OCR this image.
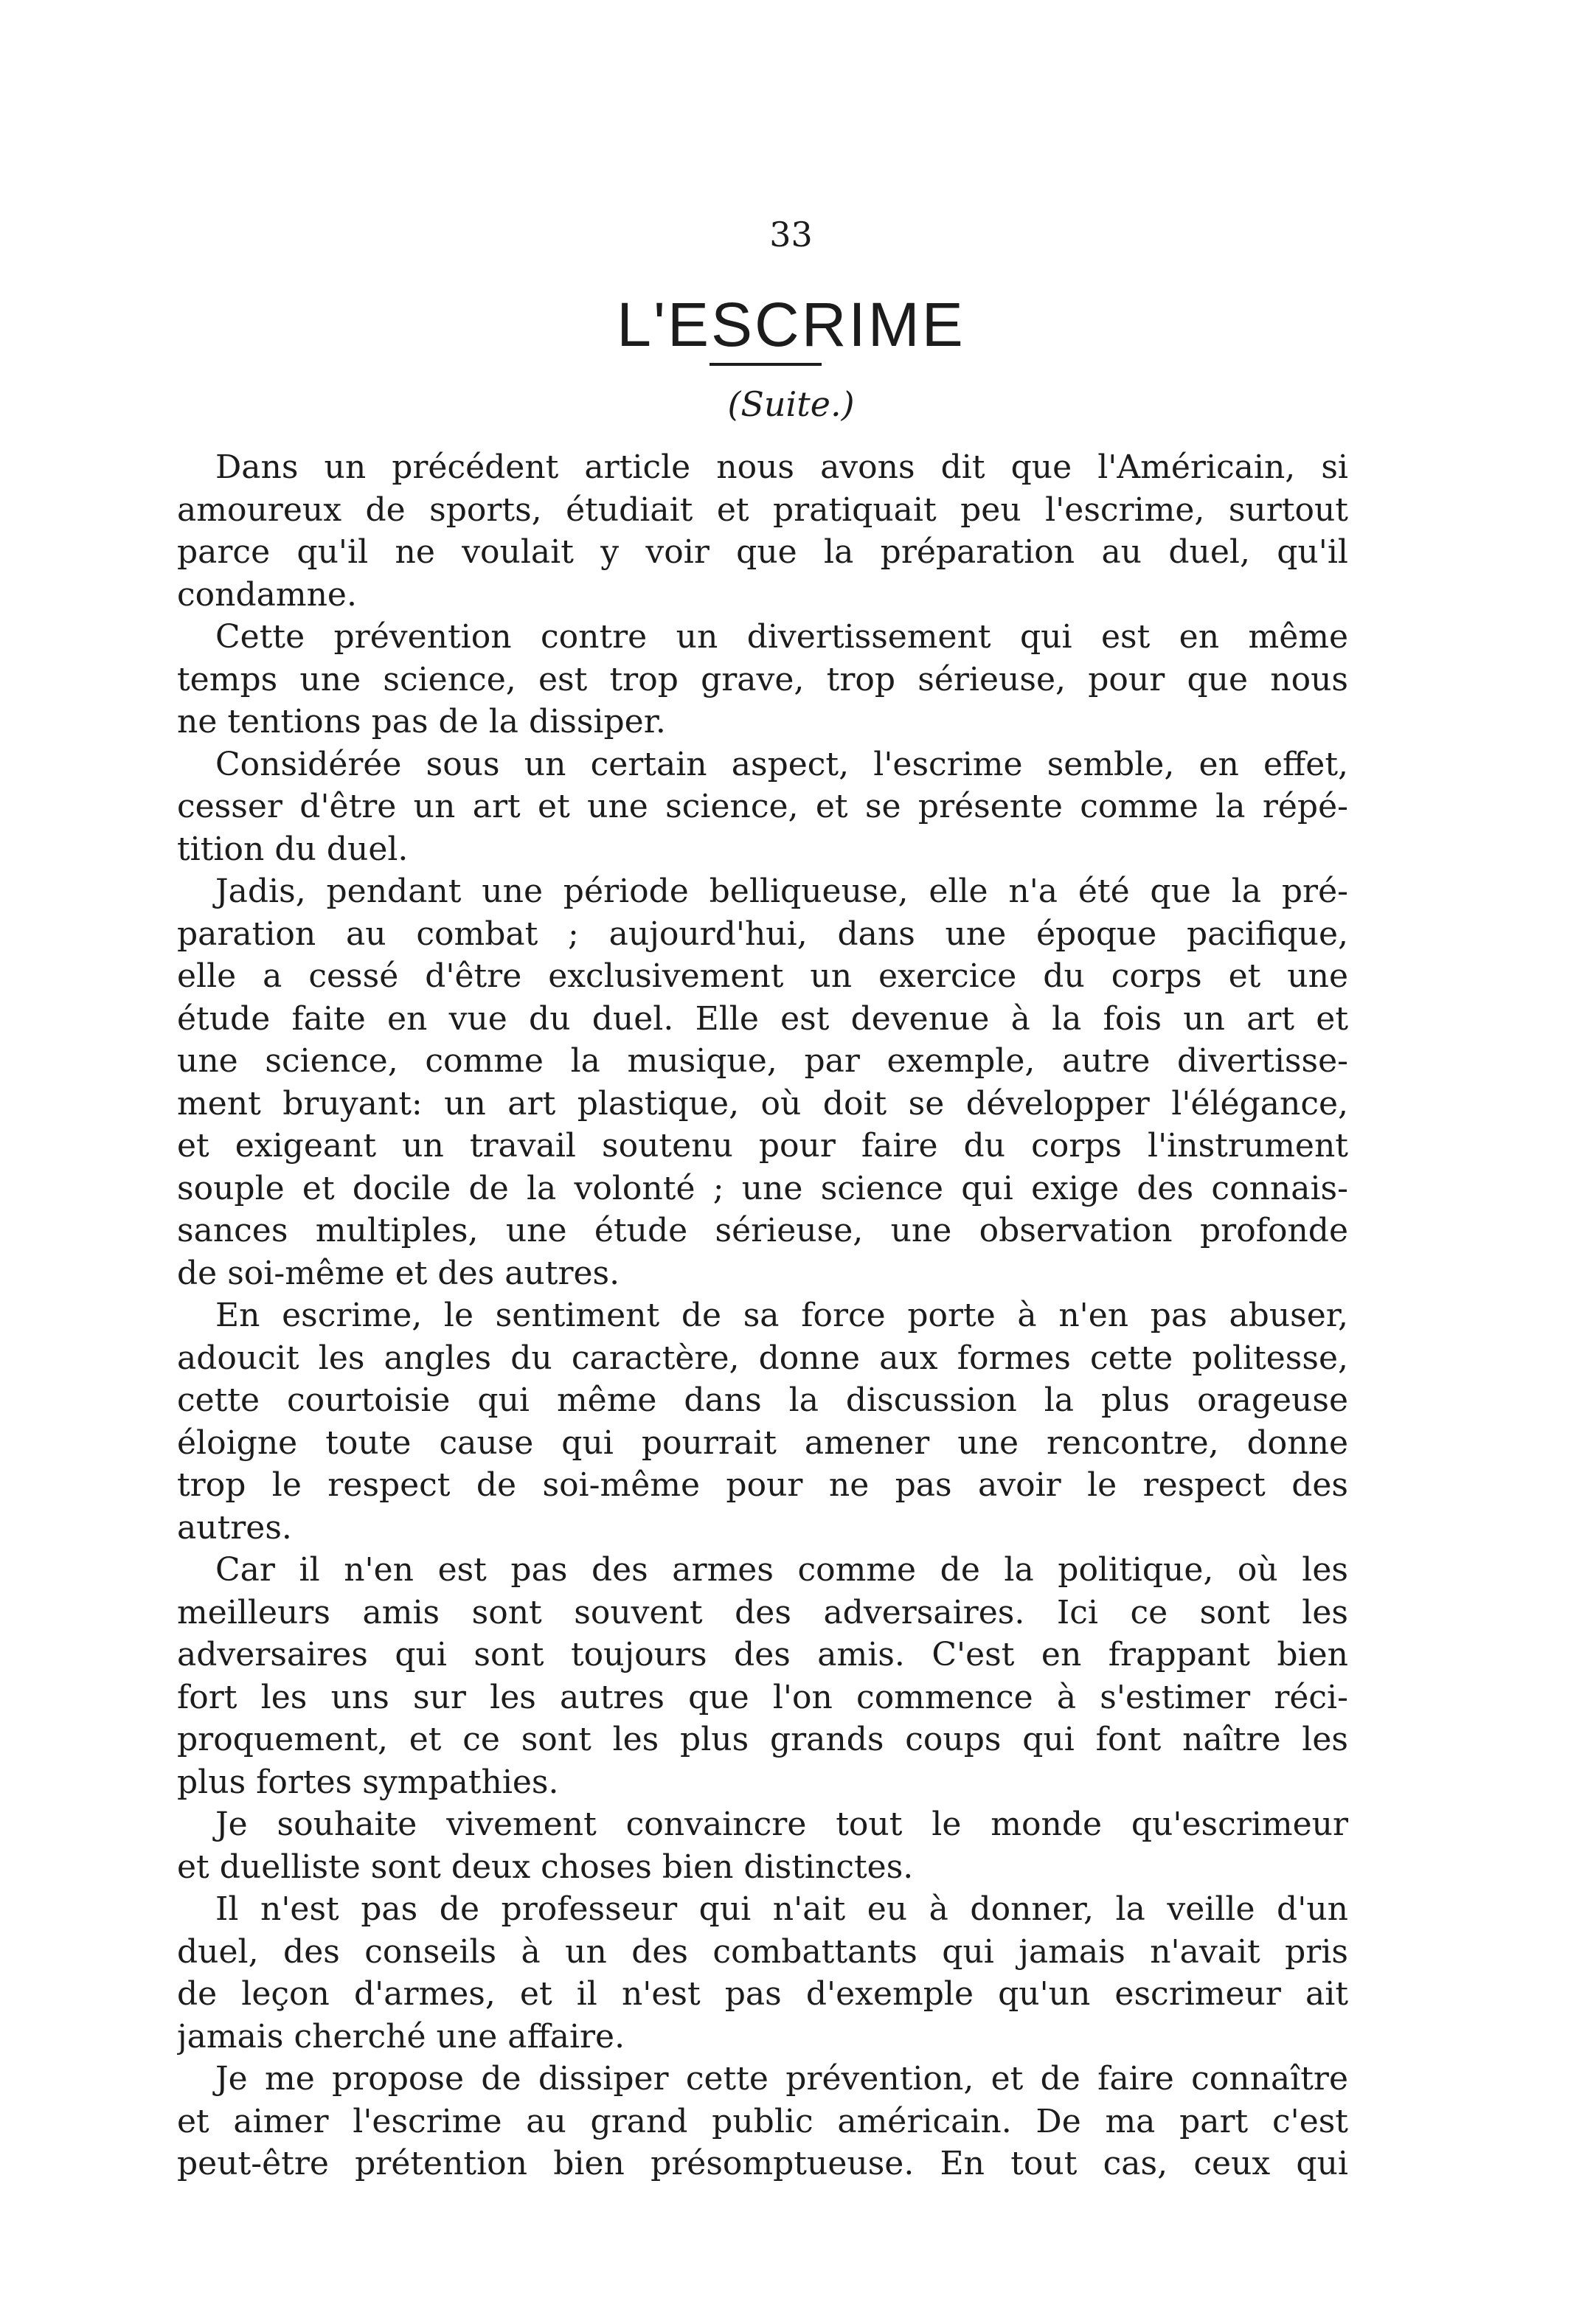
33
L'ESCRIME
(Suite.)
Dans un précédent article nous avons dit que l'Américain, si
amoureux de sports, étudiait et pratiquait peu l'escrime, surtout
parce qu'il ne voulait y voir que la préparation au duel, qu'il
condamne.
Cette prévention contre un divertissement qui est en même
temps une science, est trop grave, trop sérieuse, pour que nous
ne tentions pas de la dissiper.
Considérée sous un certain aspect, l'escrime semble, en effet,
cesser d'être un art et une science, et se présente comme la répé-
tition du duel.
Jadis, pendant une période belliqueuse, elle n'a été que la pré-
paration au combat ; aujourd'hui, dans une époque pacifique,
elle a cessé d'être exclusivement un exercice du corps et une
étude faite en vue du duel. Elle est devenue à la fois un art et
une science, comme la musique, par exemple, autre divertisse-
ment bruyant: un art plastique, où doit se développer l'élégance,
et exigeant un travail soutenu pour faire du corps l'instrument
souple et docile de la volonté ; une science qui exige des connais-
sances multiples, une étude sérieuse, une observation profonde
de soi-même et des autres.
En escrime, le sentiment de sa force porte à n'en pas abuser,
adoucit les angles du caractère, donne aux formes cette politesse,
cette courtoisie qui même dans la discussion la plus orageuse
éloigne toute cause qui pourrait amener une rencontre, donne
trop le respect de soi-même pour ne pas avoir le respect des
autres.
Car il n'en est pas des armes comme de la politique, où les
meilleurs amis sont souvent des adversaires. Ici ce sont les
adversaires qui sont toujours des amis. C'est en frappant bien
fort les uns sur les autres que l'on commence à s'estimer réci-
proquement, et ce sont les plus grands coups qui font naître les
plus fortes sympathies.
Je souhaite vivement convaincre tout le monde qu'escrimeur
et duelliste sont deux choses bien distinctes.
Il n'est pas de professeur qui n'ait eu à donner, la veille d'un
duel, des conseils à un des combattants qui jamais n'avait pris
de leçon d'armes, et il n'est pas d'exemple qu'un escrimeur ait
jamais cherché une affaire.
Je me propose de dissiper cette prévention, et de faire connaître
et aimer l'escrime au grand public américain. De ma part c'est
peut-être prétention bien présomptueuse. En tout cas, ceux qui
